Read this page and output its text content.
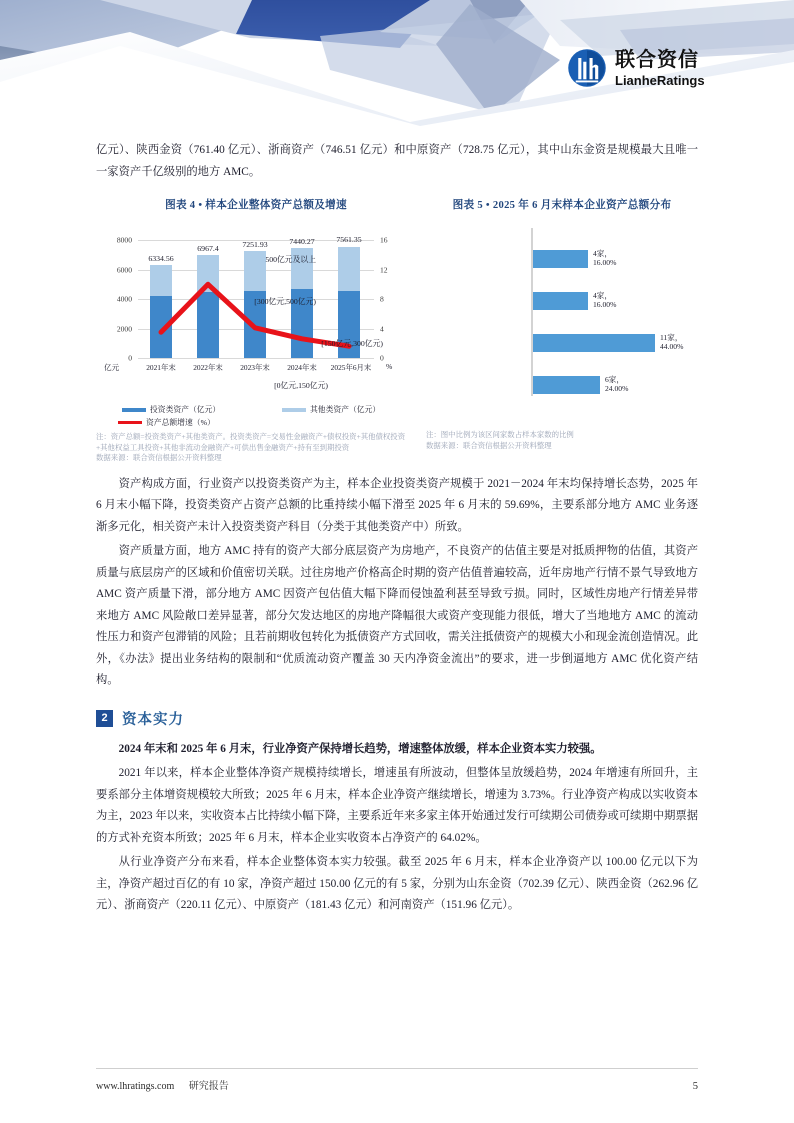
联合资信
LianheRatings

亿元）、陕西金资（761.40 亿元）、浙商资产（746.51 亿元）和中原资产（728.75 亿元），其中山东金资是规模最大且唯一一家资产千亿级别的地方 AMC。

图表 4 • 样本企业整体资产总额及增速
8000
6000
4000
2000
0
16
12
8
4
0
6334.56
6967.4	7251.93	7440.27	7561.35
2021年末 2022年末 2023年末 2024年末 2025年6月末
亿元	%
投资类资产（亿元）	其他类资产（亿元）
资产总额增速（%）
注：资产总额=投资类资产+其他类资产。投资类资产=交易性金融资产+债权投资+其他债权投资+其他权益工具投资+其他非流动金融资产+可供出售金融资产+持有至到期投资
数据来源：联合资信根据公开资料整理
图表 5 • 2025 年 6 月末样本企业资产总额分布
500亿元及以上
4家，
16.00%
[300亿元,500亿元)
4家，
16.00%
[150亿元,300亿元)
11家，
44.00%
[0亿元,150亿元)
6家，
24.00%
注：图中比例为该区间家数占样本家数的比例
数据来源：联合资信根据公开资料整理

资产构成方面，行业资产以投资类资产为主，样本企业投资类资产规模于 2021－2024 年末均保持增长态势，2025 年 6 月末小幅下降，投资类资产占资产总额的比重持续小幅下滑至 2025 年 6 月末的 59.69%，主要系部分地方 AMC 业务逐渐多元化，相关资产未计入投资类资产科目（分类于其他类资产中）所致。

资产质量方面，地方 AMC 持有的资产大部分底层资产为房地产，不良资产的估值主要是对抵质押物的估值，其资产质量与底层房产的区域和价值密切关联。过往房地产价格高企时期的资产估值普遍较高，近年房地产行情不景气导致地方 AMC 资产质量下滑，部分地方 AMC 因资产包估值大幅下降而侵蚀盈利甚至导致亏损。同时，区域性房地产行情差异带来地方 AMC 风险敞口差异显著，部分欠发达地区的房地产降幅很大或资产变现能力很低，增大了当地地方 AMC 的流动性压力和资产包滞销的风险；且若前期收包转化为抵债资产方式回收，需关注抵债资产的规模大小和现金流创造情况。此外，《办法》提出业务结构的限制和“优质流动资产覆盖 30 天内净资金流出”的要求，进一步倒逼地方 AMC 优化资产结构。

2 资本实力

2024 年末和 2025 年 6 月末，行业净资产保持增长趋势，增速整体放缓，样本企业资本实力较强。

2021 年以来，样本企业整体净资产规模持续增长，增速虽有所波动，但整体呈放缓趋势，2024 年增速有所回升，主要系部分主体增资规模较大所致；2025 年 6 月末，样本企业净资产继续增长，增速为 3.73%。行业净资产构成以实收资本为主，2023 年以来，实收资本占比持续小幅下降，主要系近年来多家主体开始通过发行可续期公司债券或可续期中期票据的方式补充资本所致；2025 年 6 月末，样本企业实收资本占净资产的 64.02%。

从行业净资产分布来看，样本企业整体资本实力较强。截至 2025 年 6 月末，样本企业净资产以 100.00 亿元以下为主，净资产超过百亿的有 10 家，净资产超过 150.00 亿元的有 5 家，分别为山东金资（702.39 亿元）、陕西金资（262.96 亿元）、浙商资产（220.11 亿元）、中原资产（181.43 亿元）和河南资产（151.96 亿元）。

www.lhratings.com 研究报告	5
